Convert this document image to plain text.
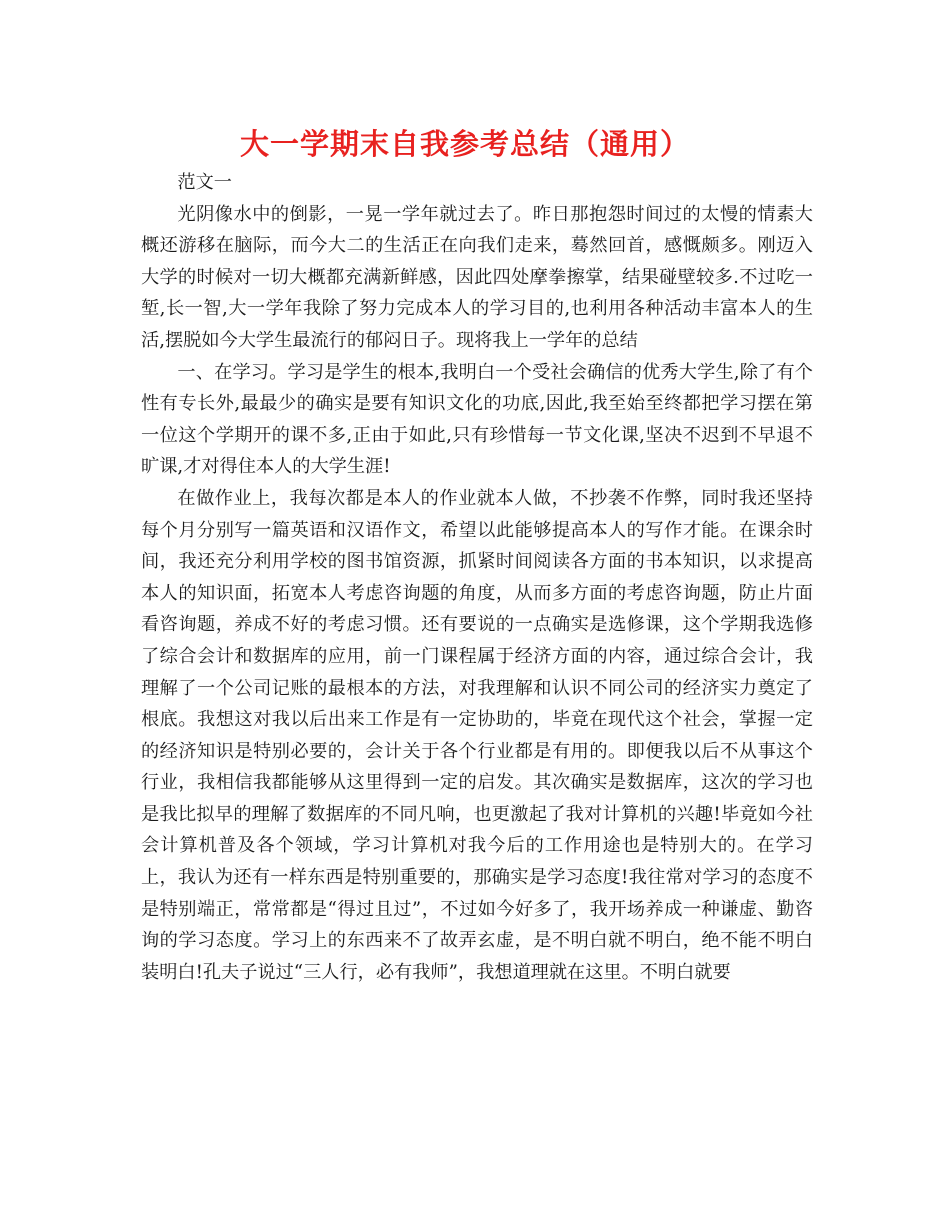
大一学期末自我参考总结（通用）

范文一

光阴像水中的倒影，一晃一学年就过去了。昨日那抱怨时间过的太慢的情素大概还游移在脑际，而今大二的生活正在向我们走来，蓦然回首，感慨颇多。刚迈入大学的时候对一切大概都充满新鲜感，因此四处摩拳擦掌，结果碰壁较多.不过吃一堑,长一智,大一学年我除了努力完成本人的学习目的,也利用各种活动丰富本人的生活,摆脱如今大学生最流行的郁闷日子。现将我上一学年的总结

一、在学习。学习是学生的根本,我明白一个受社会确信的优秀大学生,除了有个性有专长外,最最少的确实是要有知识文化的功底,因此,我至始至终都把学习摆在第一位这个学期开的课不多,正由于如此,只有珍惜每一节文化课,坚决不迟到不早退不旷课,才对得住本人的大学生涯!

在做作业上，我每次都是本人的作业就本人做，不抄袭不作弊，同时我还坚持每个月分别写一篇英语和汉语作文，希望以此能够提高本人的写作才能。在课余时间，我还充分利用学校的图书馆资源，抓紧时间阅读各方面的书本知识，以求提高本人的知识面，拓宽本人考虑咨询题的角度，从而多方面的考虑咨询题，防止片面看咨询题，养成不好的考虑习惯。还有要说的一点确实是选修课，这个学期我选修了综合会计和数据库的应用，前一门课程属于经济方面的内容，通过综合会计，我理解了一个公司记账的最根本的方法，对我理解和认识不同公司的经济实力奠定了根底。我想这对我以后出来工作是有一定协助的，毕竟在现代这个社会，掌握一定的经济知识是特别必要的，会计关于各个行业都是有用的。即便我以后不从事这个行业，我相信我都能够从这里得到一定的启发。其次确实是数据库，这次的学习也是我比拟早的理解了数据库的不同凡响，也更激起了我对计算机的兴趣!毕竟如今社会计算机普及各个领域，学习计算机对我今后的工作用途也是特别大的。在学习上，我认为还有一样东西是特别重要的，那确实是学习态度!我往常对学习的态度不是特别端正，常常都是“得过且过”，不过如今好多了，我开场养成一种谦虚、勤咨询的学习态度。学习上的东西来不了故弄玄虚，是不明白就不明白，绝不能不明白装明白!孔夫子说过“三人行，必有我师”，我想道理就在这里。不明白就要
